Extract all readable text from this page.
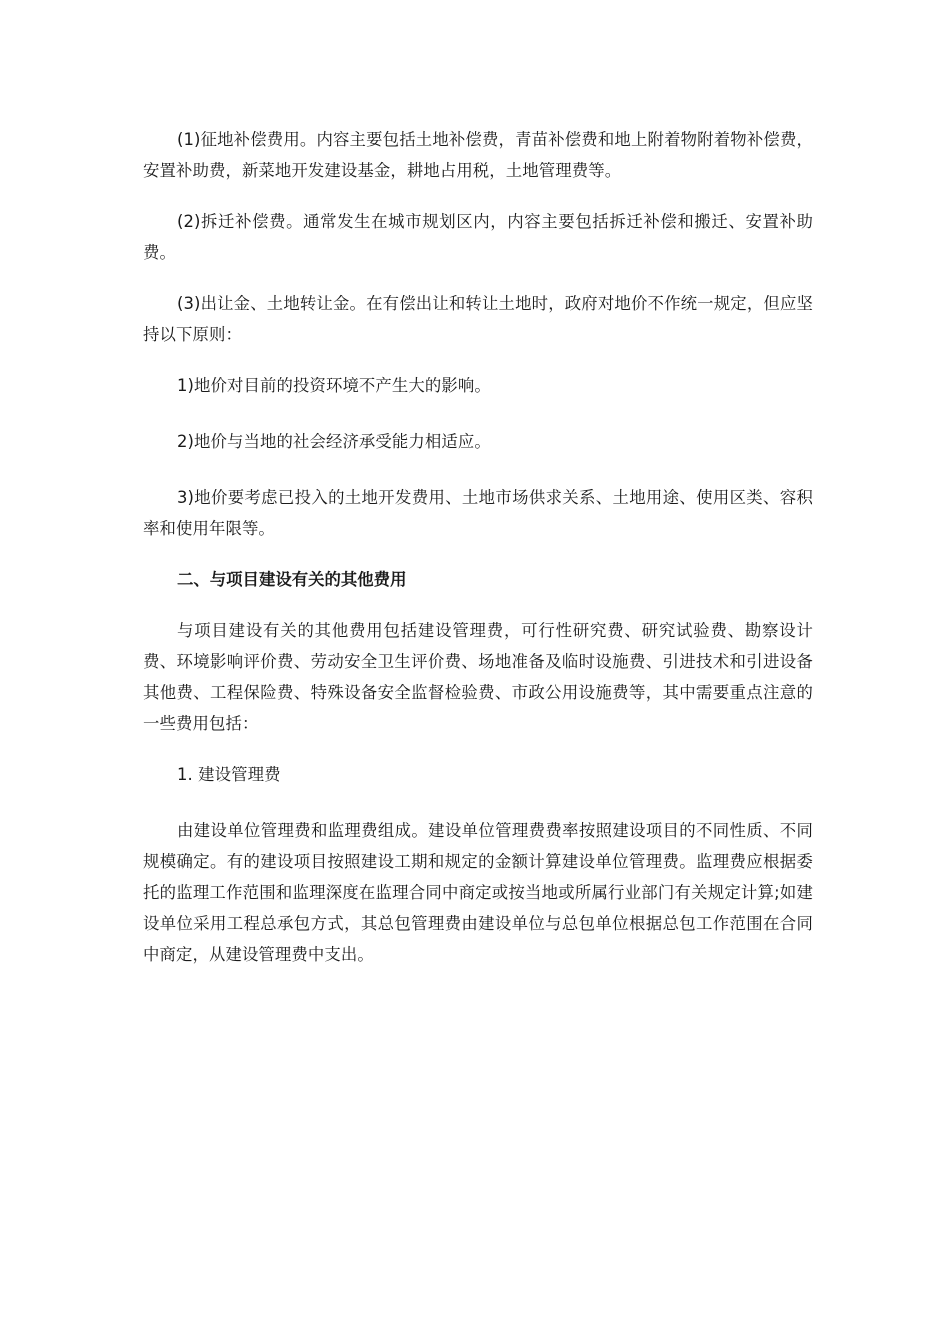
(1)征地补偿费用。内容主要包括土地补偿费，青苗补偿费和地上附着物附着物补偿费，安置补助费，新菜地开发建设基金，耕地占用税，土地管理费等。

(2)拆迁补偿费。通常发生在城市规划区内，内容主要包括拆迁补偿和搬迁、安置补助费。

(3)出让金、土地转让金。在有偿出让和转让土地时，政府对地价不作统一规定，但应坚持以下原则：

1)地价对目前的投资环境不产生大的影响。

2)地价与当地的社会经济承受能力相适应。

3)地价要考虑已投入的土地开发费用、土地市场供求关系、土地用途、使用区类、容积率和使用年限等。

二、与项目建设有关的其他费用

与项目建设有关的其他费用包括建设管理费，可行性研究费、研究试验费、勘察设计费、环境影响评价费、劳动安全卫生评价费、场地准备及临时设施费、引进技术和引进设备其他费、工程保险费、特殊设备安全监督检验费、市政公用设施费等，其中需要重点注意的一些费用包括：

1. 建设管理费

由建设单位管理费和监理费组成。建设单位管理费费率按照建设项目的不同性质、不同规模确定。有的建设项目按照建设工期和规定的金额计算建设单位管理费。监理费应根据委托的监理工作范围和监理深度在监理合同中商定或按当地或所属行业部门有关规定计算;如建设单位采用工程总承包方式，其总包管理费由建设单位与总包单位根据总包工作范围在合同中商定，从建设管理费中支出。
